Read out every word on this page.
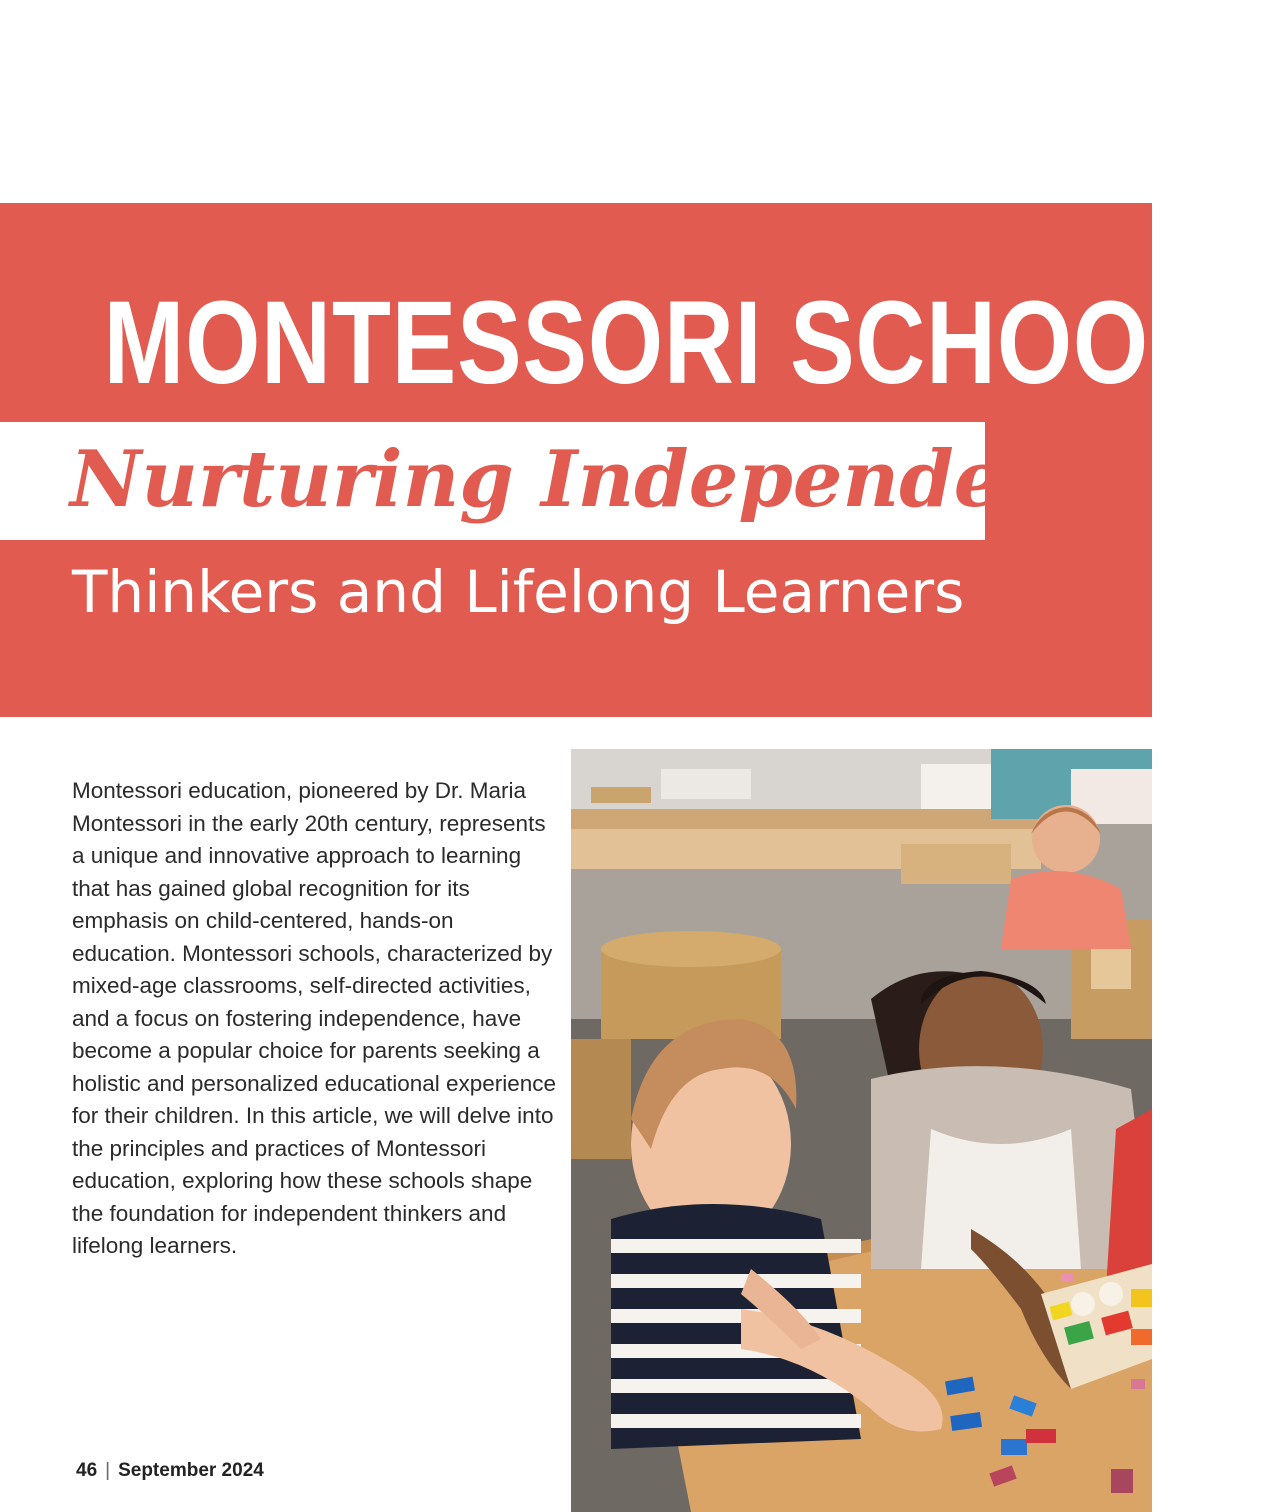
MONTESSORI SCHOOLS
Nurturing Independent
Thinkers and Lifelong Learners
Montessori education, pioneered by Dr. Maria Montessori in the early 20th century, represents a unique and innovative approach to learning that has gained global recognition for its emphasis on child-centered, hands-on education. Montessori schools, characterized by mixed-age classrooms, self-directed activities, and a focus on fostering independence, have become a popular choice for parents seeking a holistic and personalized educational experience for their children. In this article, we will delve into the principles and practices of Montessori education, exploring how these schools shape the foundation for independent thinkers and lifelong learners.
46 | September 2024
